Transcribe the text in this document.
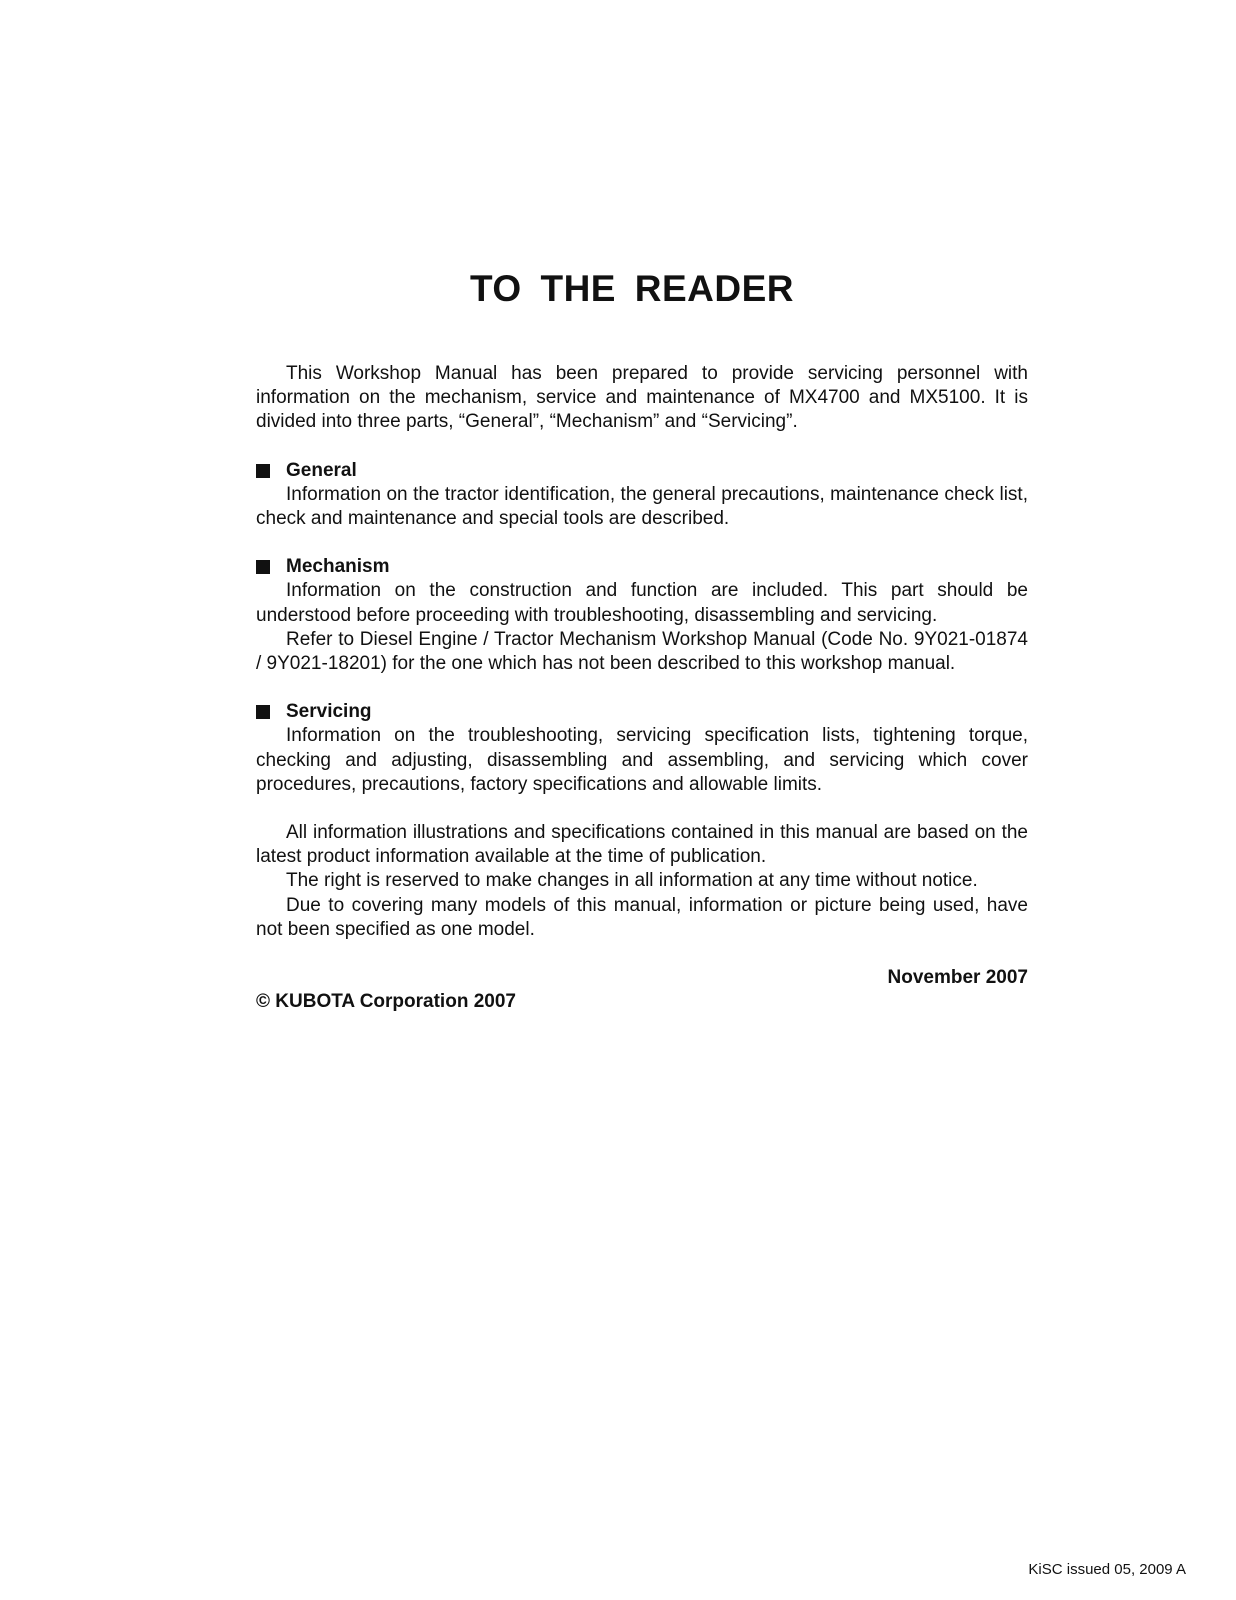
TO THE READER

This Workshop Manual has been prepared to provide servicing personnel with information on the mechanism, service and maintenance of MX4700 and MX5100. It is divided into three parts, “General”, “Mechanism” and “Servicing”.

General

Information on the tractor identification, the general precautions, maintenance check list, check and maintenance and special tools are described.

Mechanism

Information on the construction and function are included. This part should be understood before proceeding with troubleshooting, disassembling and servicing.

Refer to Diesel Engine / Tractor Mechanism Workshop Manual (Code No. 9Y021-01874 / 9Y021-18201) for the one which has not been described to this workshop manual.

Servicing

Information on the troubleshooting, servicing specification lists, tightening torque, checking and adjusting, disassembling and assembling, and servicing which cover procedures, precautions, factory specifications and allowable limits.

All information illustrations and specifications contained in this manual are based on the latest product information available at the time of publication.

The right is reserved to make changes in all information at any time without notice.

Due to covering many models of this manual, information or picture being used, have not been specified as one model.

November 2007

© KUBOTA Corporation 2007

KiSC issued 05, 2009 A
